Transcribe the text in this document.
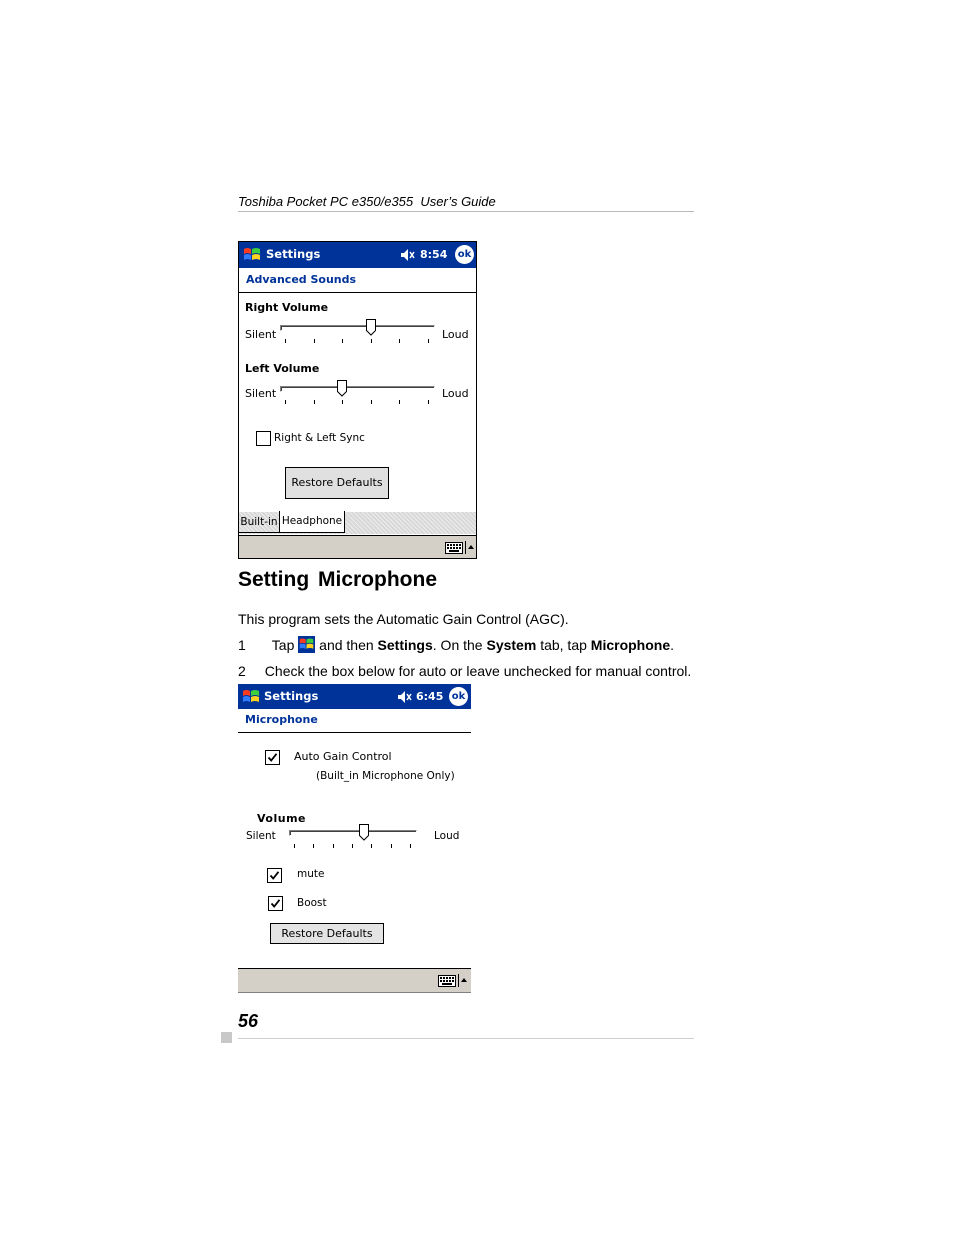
Toshiba Pocket PC e350/e355  User’s Guide
Settings	8:54 ok
Advanced Sounds
Right Volume
Silent	Loud
Left Volume
Silent	Loud
Right & Left Sync
Restore Defaults
Built-in Headphone
Setting Microphone
This program sets the Automatic Gain Control (AGC).
1 Tap and then Settings. On the System tab, tap Microphone.
2 Check the box below for auto or leave unchecked for manual control.
Settings	6:45 ok
Microphone
Auto Gain Control
(Built_in Microphone Only)
Volume
Silent	Loud
mute
Boost
Restore Defaults
56
